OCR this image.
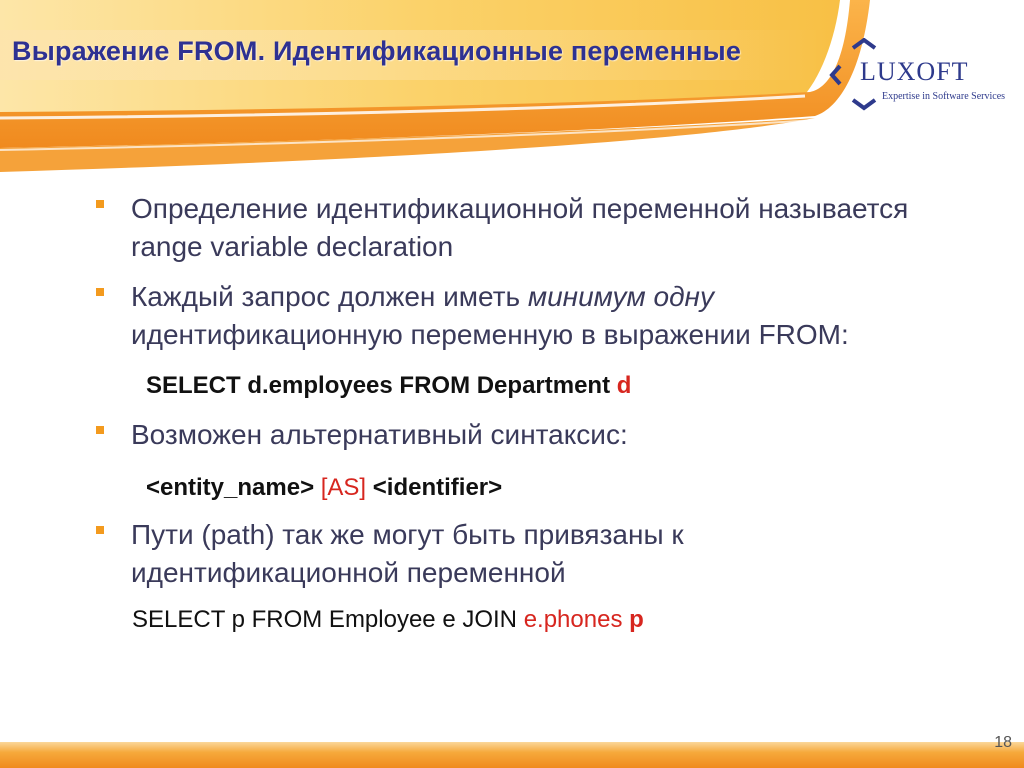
Выражение FROM. Идентификационные переменные
LUXOFT
Expertise in Software Services
Определение идентификационной переменной называется range variable declaration
Каждый запрос должен иметь минимум одну идентификационную переменную в выражении FROM:
SELECT d.employees FROM Department d
Возможен альтернативный синтаксис:
<entity_name> [AS] <identifier>
Пути (path) так же могут быть привязаны к идентификационной переменной
SELECT p FROM Employee e JOIN e.phones p
18
